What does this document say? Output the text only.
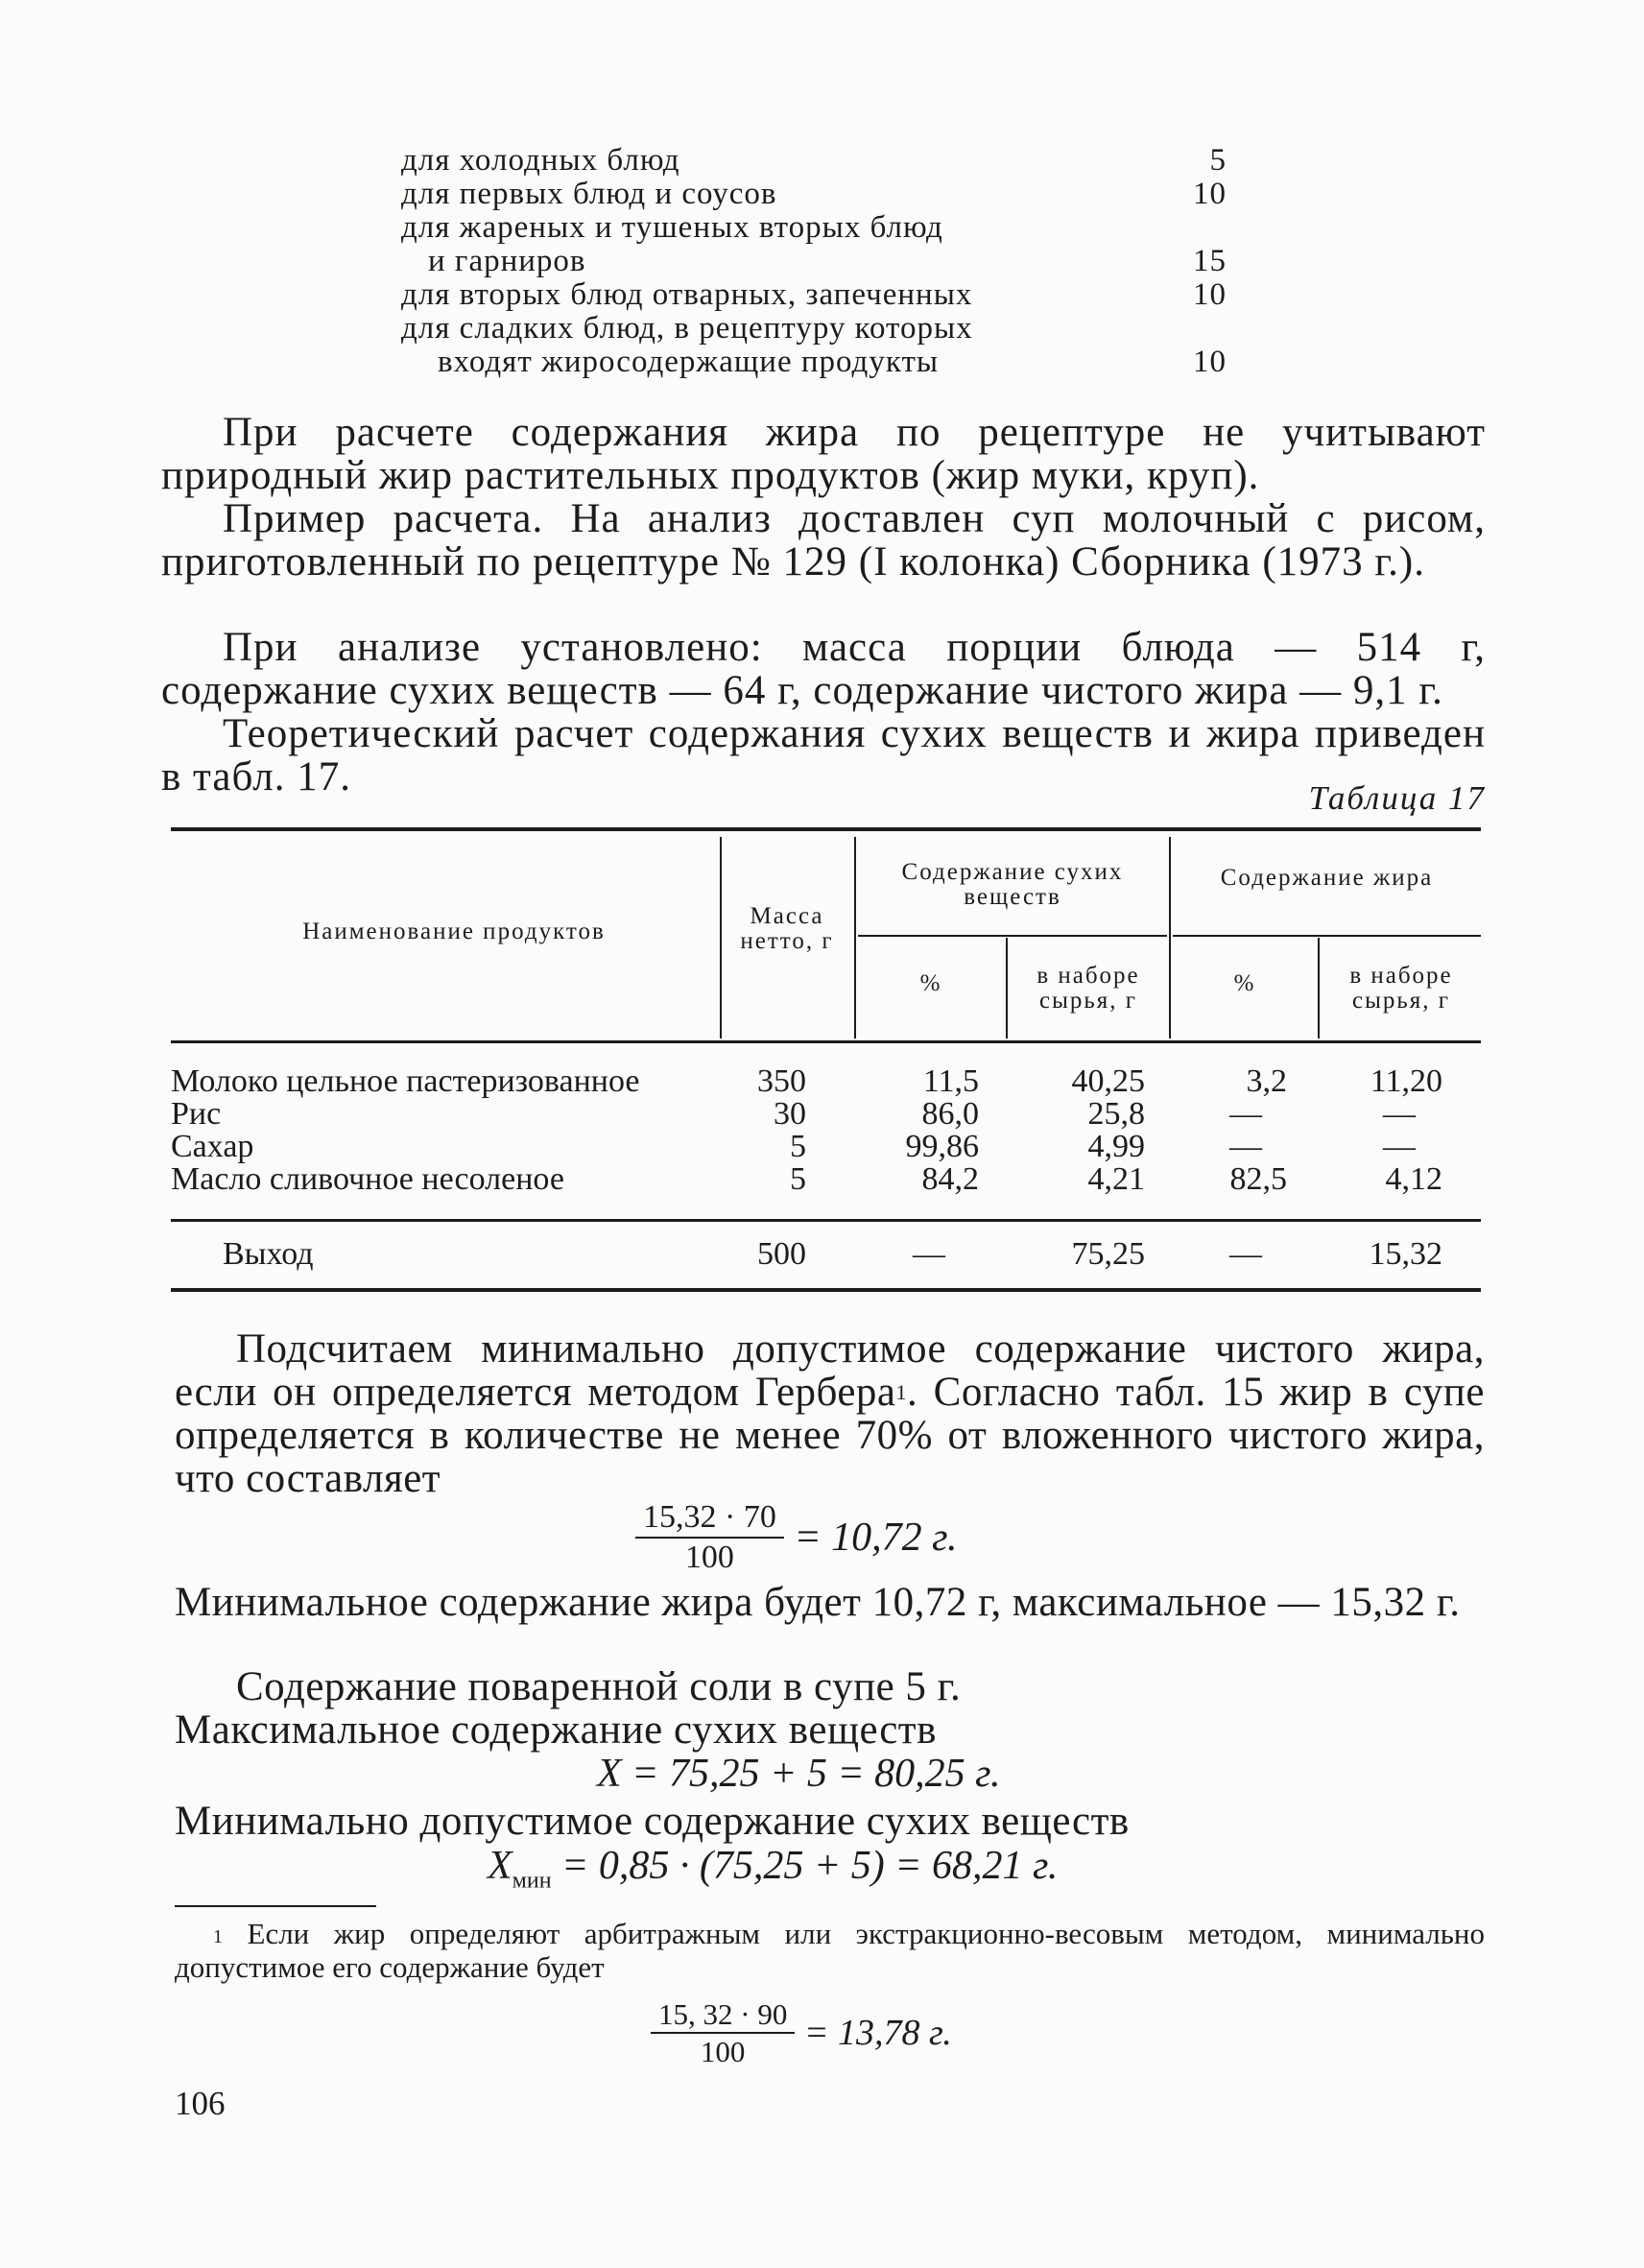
для холодных блюд	5
для первых блюд и соусов	10
для жареных и тушеных вторых блюд
и гарниров	15
для вторых блюд отварных, запеченных	10
для сладких блюд, в рецептуру которых
входят жиросодержащие продукты	10
При расчете содержания жира по рецептуре не учитывают природный жир растительных продуктов (жир муки, круп).
Пример расчета. На анализ доставлен суп молочный с рисом, приготовленный по рецептуре № 129 (I колонка) Сборника (1973 г.).
При анализе установлено: масса порции блюда — 514 г, содержание сухих веществ — 64 г, содержание чистого жира — 9,1 г.
Теоретический расчет содержания сухих веществ и жира приведен в табл. 17.	Таблица 17
Наименование продуктов
Масса нетто, г
Содержание сухих веществ
Содержание жира
%	в наборе сырья, г
%	в наборе сырья, г
Молоко цельное пастеризованное	350	11,5	40,25	3,2	11,20
Рис	30	86,0	25,8	—	—
Сахар	5	99,86	4,99	—	—
Масло сливочное несоленое	5	84,2	4,21	82,5	4,12
Выход	500	—	75,25	—	15,32
Подсчитаем минимально допустимое содержание чистого жира, если он определяется методом Гербера$^1$. Согласно табл. 15 жир в супе определяется в количестве не менее 70% от вложенного чистого жира, что составляет
$\frac{15,32 \cdot 70}{100} = 10,72$ г.
Минимальное содержание жира будет 10,72 г, максимальное — 15,32 г.
Содержание поваренной соли в супе 5 г.
Максимальное содержание сухих веществ
X = 75,25 + 5 = 80,25 г.
Минимально допустимое содержание сухих веществ
$X_{мин} = 0,85 \cdot (75,25 + 5) = 68,21$ г.
$^1$ Если жир определяют арбитражным или экстракционно-весовым методом, минимально допустимое его содержание будет
$\frac{15, 32 \cdot 90}{100} = 13,78$ г.
106
